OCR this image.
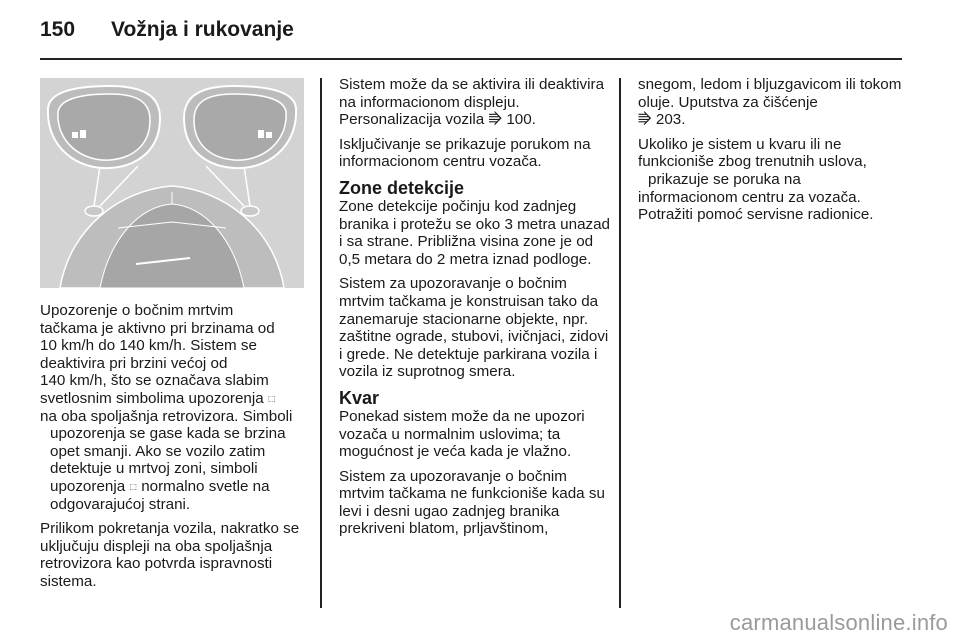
150 Vožnja i rukovanje

Upozorenje o bočnim mrtvim
tačkama je aktivno pri brzinama od
10 km/h do 140 km/h. Sistem se
deaktivira pri brzini većoj od
140 km/h, što se označava slabim
svetlosnim simbolima upozorenja ⬚
na oba spoljašnja retrovizora. Simboli
upozorenja se gase kada se brzina
opet smanji. Ako se vozilo zatim
detektuje u mrtvoj zoni, simboli
upozorenja ⬚ normalno svetle na
odgovarajućoj strani.

Prilikom pokretanja vozila, nakratko se uključuju displeji na oba spoljašnja retrovizora kao potvrda ispravnosti sistema.

Sistem može da se aktivira ili deaktivira na informacionom displeju. Personalizacija vozila ⭆ 100.

Isključivanje se prikazuje porukom na informacionom centru vozača.

Zone detekcije

Zone detekcije počinju kod zadnjeg branika i protežu se oko 3 metra unazad i sa strane. Približna visina zone je od 0,5 metara do 2 metra iznad podloge.

Sistem za upozoravanje o bočnim mrtvim tačkama je konstruisan tako da zanemaruje stacionarne objekte, npr. zaštitne ograde, stubovi, ivičnjaci, zidovi i grede. Ne detektuje parkirana vozila i vozila iz suprotnog smera.

Kvar

Ponekad sistem može da ne upozori vozača u normalnim uslovima; ta mogućnost je veća kada je vlažno.

Sistem za upozoravanje o bočnim mrtvim tačkama ne funkcioniše kada su levi i desni ugao zadnjeg branika prekriveni blatom, prljavštinom,

snegom, ledom i bljuzgavicom ili tokom oluje. Uputstva za čišćenje
⭆ 203.

Ukoliko je sistem u kvaru ili ne
funkcioniše zbog trenutnih uslova,
prikazuje se poruka na
informacionom centru za vozača. Potražiti pomoć servisne radionice.

carmanualsonline.info
